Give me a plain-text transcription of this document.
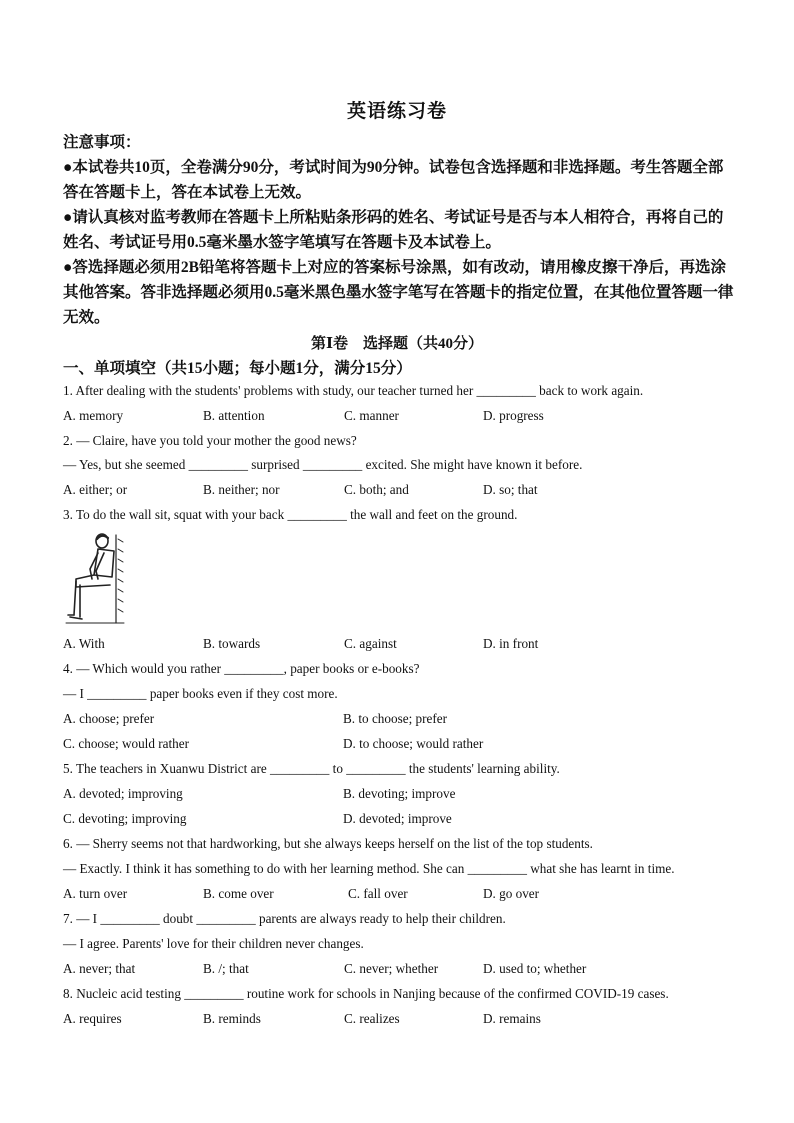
英语练习卷

注意事项：

●本试卷共10页，全卷满分90分，考试时间为90分钟。试卷包含选择题和非选择题。考生答题全部答在答题卡上，答在本试卷上无效。
●请认真核对监考教师在答题卡上所粘贴条形码的姓名、考试证号是否与本人相符合，再将自己的姓名、考试证号用0.5毫米墨水签字笔填写在答题卡及本试卷上。
●答选择题必须用2B铅笔将答题卡上对应的答案标号涂黑，如有改动，请用橡皮擦干净后，再选涂其他答案。答非选择题必须用0.5毫米黑色墨水签字笔写在答题卡的指定位置，在其他位置答题一律无效。
第Ⅰ卷　选择题（共40分）
一、单项填空（共15小题；每小题1分，满分15分）
1. After dealing with the students' problems with study, our teacher turned her _________ back to work again.
A. memory	B. attention	C. manner	D. progress
2. — Claire, have you told your mother the good news?
— Yes, but she seemed _________ surprised _________ excited. She might have known it before.
A. either; or	B. neither; nor	C. both; and	D. so; that
3. To do the wall sit, squat with your back _________ the wall and feet on the ground.
A. With	B. towards	C. against	D. in front
4. — Which would you rather _________, paper books or e-books?
— I _________ paper books even if they cost more.
A. choose; prefer	B. to choose; prefer
C. choose; would rather	D. to choose; would rather
5. The teachers in Xuanwu District are _________ to _________ the students' learning ability.
A. devoted; improving	B. devoting; improve
C. devoting; improving	D. devoted; improve
6. — Sherry seems not that hardworking, but she always keeps herself on the list of the top students.
— Exactly. I think it has something to do with her learning method. She can _________ what she has learnt in time.
A. turn over	B. come over	C. fall over	D. go over
7. — I _________ doubt _________ parents are always ready to help their children.
— I agree. Parents' love for their children never changes.
A. never; that	B. /; that	C. never; whether	D. used to; whether
8. Nucleic acid testing _________ routine work for schools in Nanjing because of the confirmed COVID-19 cases.
A. requires	B. reminds	C. realizes	D. remains
